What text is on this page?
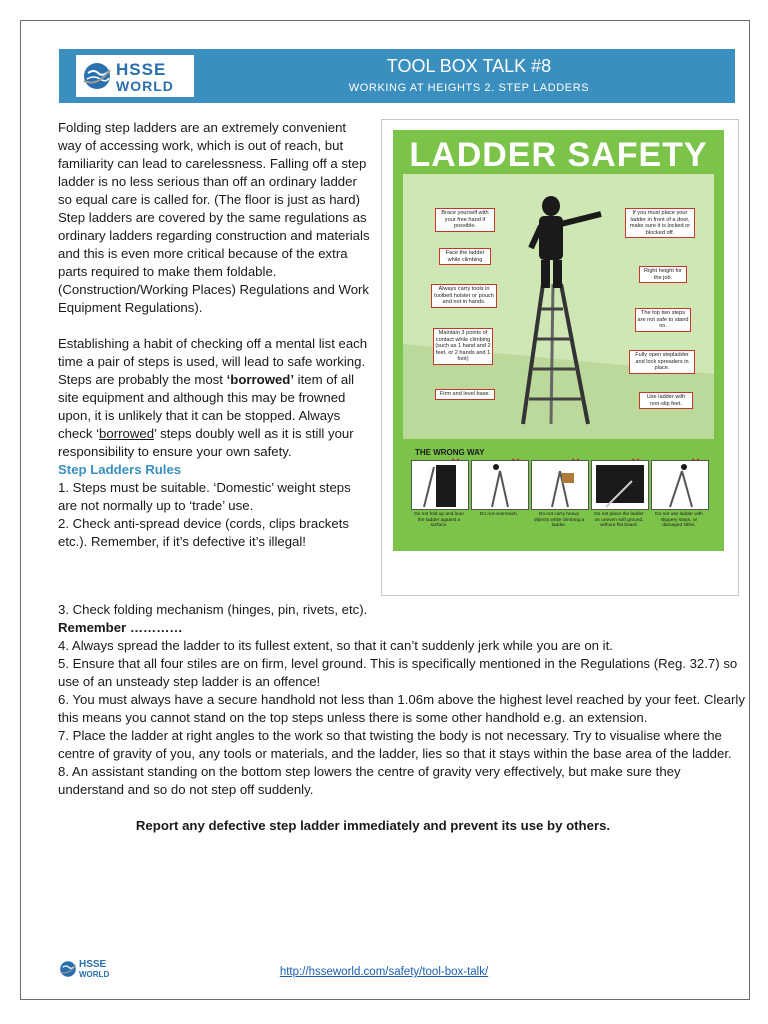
HSSE
WORLD
TOOL BOX TALK #8
WORKING AT HEIGHTS 2. STEP LADDERS

Folding step ladders are an extremely convenient way of accessing work, which is out of reach, but familiarity can lead to carelessness. Falling off a step ladder is no less serious than off an ordinary ladder so equal care is called for. (The floor is just as hard)

Step ladders are covered by the same regulations as ordinary ladders regarding construction and materials and this is even more critical because of the extra parts required to make them foldable. (Construction/Working Places) Regulations and Work Equipment Regulations).

Establishing a habit of checking off a mental list each time a pair of steps is used, will lead to safe working. Steps are probably the most ‘borrowed’ item of all site equipment and although this may be frowned upon, it is unlikely that it can be stopped. Always check ‘borrowed’ steps doubly well as it is still your responsibility to ensure your own safety.

Step Ladders Rules

1. Steps must be suitable. ‘Domestic’ weight steps are not normally up to ‘trade’ use.

2. Check anti-spread device (cords, clips brackets etc.). Remember, if it’s defective it’s illegal!

3. Check folding mechanism (hinges, pin, rivets, etc).

Remember …………

4. Always spread the ladder to its fullest extent, so that it can’t suddenly jerk while you are on it.

5. Ensure that all four stiles are on firm, level ground. This is specifically mentioned in the Regulations (Reg. 32.7) so

use of an unsteady step ladder is an offence!

6. You must always have a secure handhold not less than 1.06m above the highest level reached by your feet. Clearly this means you cannot stand on the top steps unless there is some other handhold e.g. an extension.

7. Place the ladder at right angles to the work so that twisting the body is not necessary. Try to visualise where the

centre of gravity of you, any tools or materials, and the ladder, lies so that it stays within the base area of the ladder.

8. An assistant standing on the bottom step lowers the centre of gravity very effectively, but make sure they understand and so do not step off suddenly.

Report any defective step ladder immediately and prevent its use by others.

LADDER SAFETY
Brace yourself with your free hand if possible.
Face the ladder while climbing
Always carry tools in toolbelt holster or pouch and not in hands.
Maintain 3 points of contact while climbing (such as 1 hand and 2 feet, or 2 hands and 1 foot)
Firm and level base.
If you must place your ladder in front of a door, make sure it is locked or blocked off.
Right height for the job.
The top two steps are not safe to stand on.
Fully open stepladder and lock spreaders in place.
Use ladder with non-slip feet.
THE WRONG WAY
Do not fold up and lean the ladder against a surface.
Do not overreach.	Do not carry heavy objects while climbing a ladder.
Do not place the ladder on uneven soft ground, without flat board.
Do not use ladder with slippery steps, or damaged stiles.
HSSE
WORLD	http://hsseworld.com/safety/tool-box-talk/
